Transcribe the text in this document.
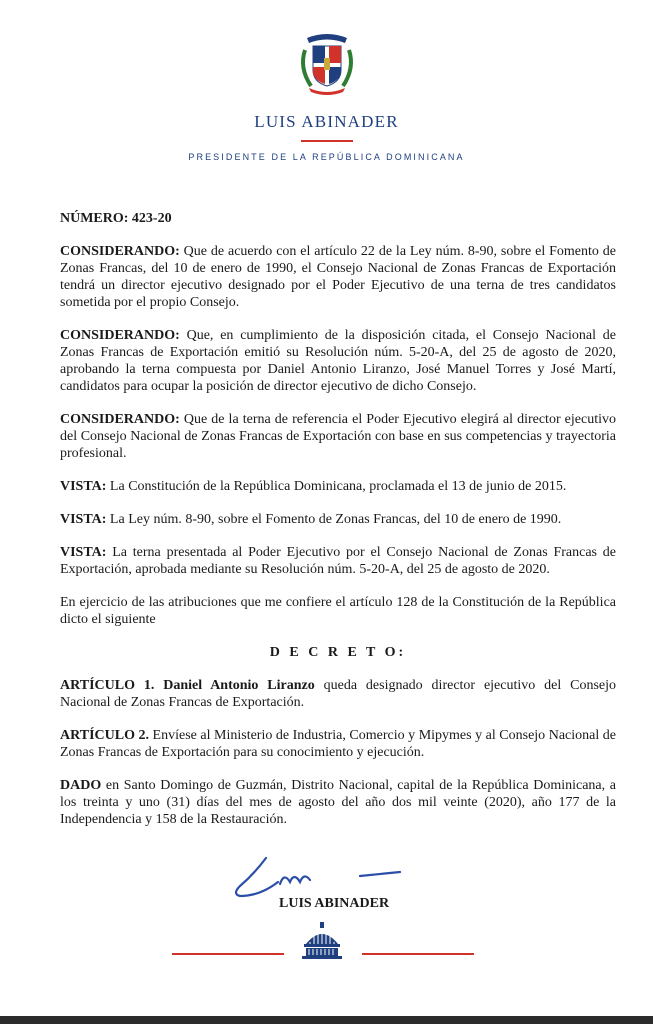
LUIS ABINADER
PRESIDENTE DE LA REPÚBLICA DOMINICANA

NÚMERO: 423-20

CONSIDERANDO: Que de acuerdo con el artículo 22 de la Ley núm. 8-90, sobre el Fomento de Zonas Francas, del 10 de enero de 1990, el Consejo Nacional de Zonas Francas de Exportación tendrá un director ejecutivo designado por el Poder Ejecutivo de una terna de tres candidatos sometida por el propio Consejo.

CONSIDERANDO: Que, en cumplimiento de la disposición citada, el Consejo Nacional de Zonas Francas de Exportación emitió su Resolución núm. 5-20-A, del 25 de agosto de 2020, aprobando la terna compuesta por Daniel Antonio Liranzo, José Manuel Torres y José Martí, candidatos para ocupar la posición de director ejecutivo de dicho Consejo.

CONSIDERANDO: Que de la terna de referencia el Poder Ejecutivo elegirá al director ejecutivo del Consejo Nacional de Zonas Francas de Exportación con base en sus competencias y trayectoria profesional.

VISTA: La Constitución de la República Dominicana, proclamada el 13 de junio de 2015.

VISTA: La Ley núm. 8-90, sobre el Fomento de Zonas Francas, del 10 de enero de 1990.

VISTA: La terna presentada al Poder Ejecutivo por el Consejo Nacional de Zonas Francas de Exportación, aprobada mediante su Resolución núm. 5-20-A, del 25 de agosto de 2020.

En ejercicio de las atribuciones que me confiere el artículo 128 de la Constitución de la República dicto el siguiente

D E C R E T O:

ARTÍCULO 1. Daniel Antonio Liranzo queda designado director ejecutivo del Consejo Nacional de Zonas Francas de Exportación.

ARTÍCULO 2. Envíese al Ministerio de Industria, Comercio y Mipymes y al Consejo Nacional de Zonas Francas de Exportación para su conocimiento y ejecución.

DADO en Santo Domingo de Guzmán, Distrito Nacional, capital de la República Dominicana, a los treinta y uno (31) días del mes de agosto del año dos mil veinte (2020), año 177 de la Independencia y 158 de la Restauración.

LUIS ABINADER
